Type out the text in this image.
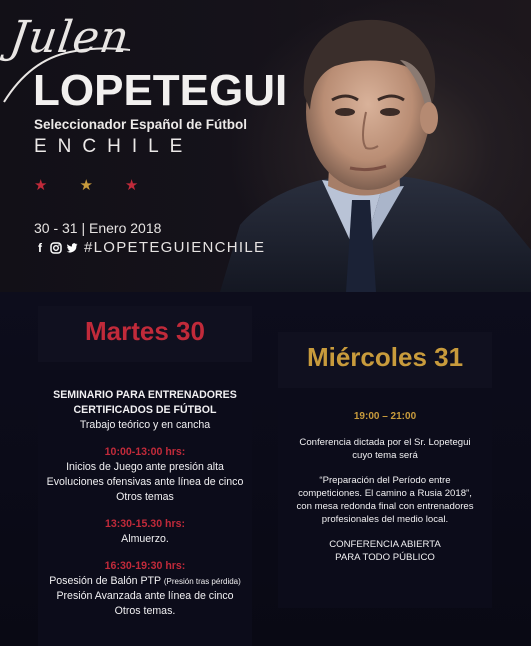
Julen
LOPETEGUI
Seleccionador Español de Fútbol
ENCHILE
★ ★ ★
30 - 31 | Enero 2018
f	#LOPETEGUIENCHILE
Martes 30
SEMINARIO PARA ENTRENADORES
CERTIFICADOS DE FÚTBOL
Trabajo teórico y en cancha
10:00-13:00 hrs:
Inicios de Juego ante presión alta
Evoluciones ofensivas ante línea de cinco
Otros temas
13:30-15.30 hrs:
Almuerzo.
16:30-19:30 hrs:
Posesión de Balón PTP (Presión tras pérdida)
Presión Avanzada ante línea de cinco
Otros temas.
Miércoles 31
19:00 – 21:00
Conferencia dictada por el Sr. Lopetegui
cuyo tema será
“Preparación del Período entre
competiciones. El camino a Rusia 2018”,
con mesa redonda final con entrenadores
profesionales del medio local.
CONFERENCIA ABIERTA
PARA TODO PÚBLICO
